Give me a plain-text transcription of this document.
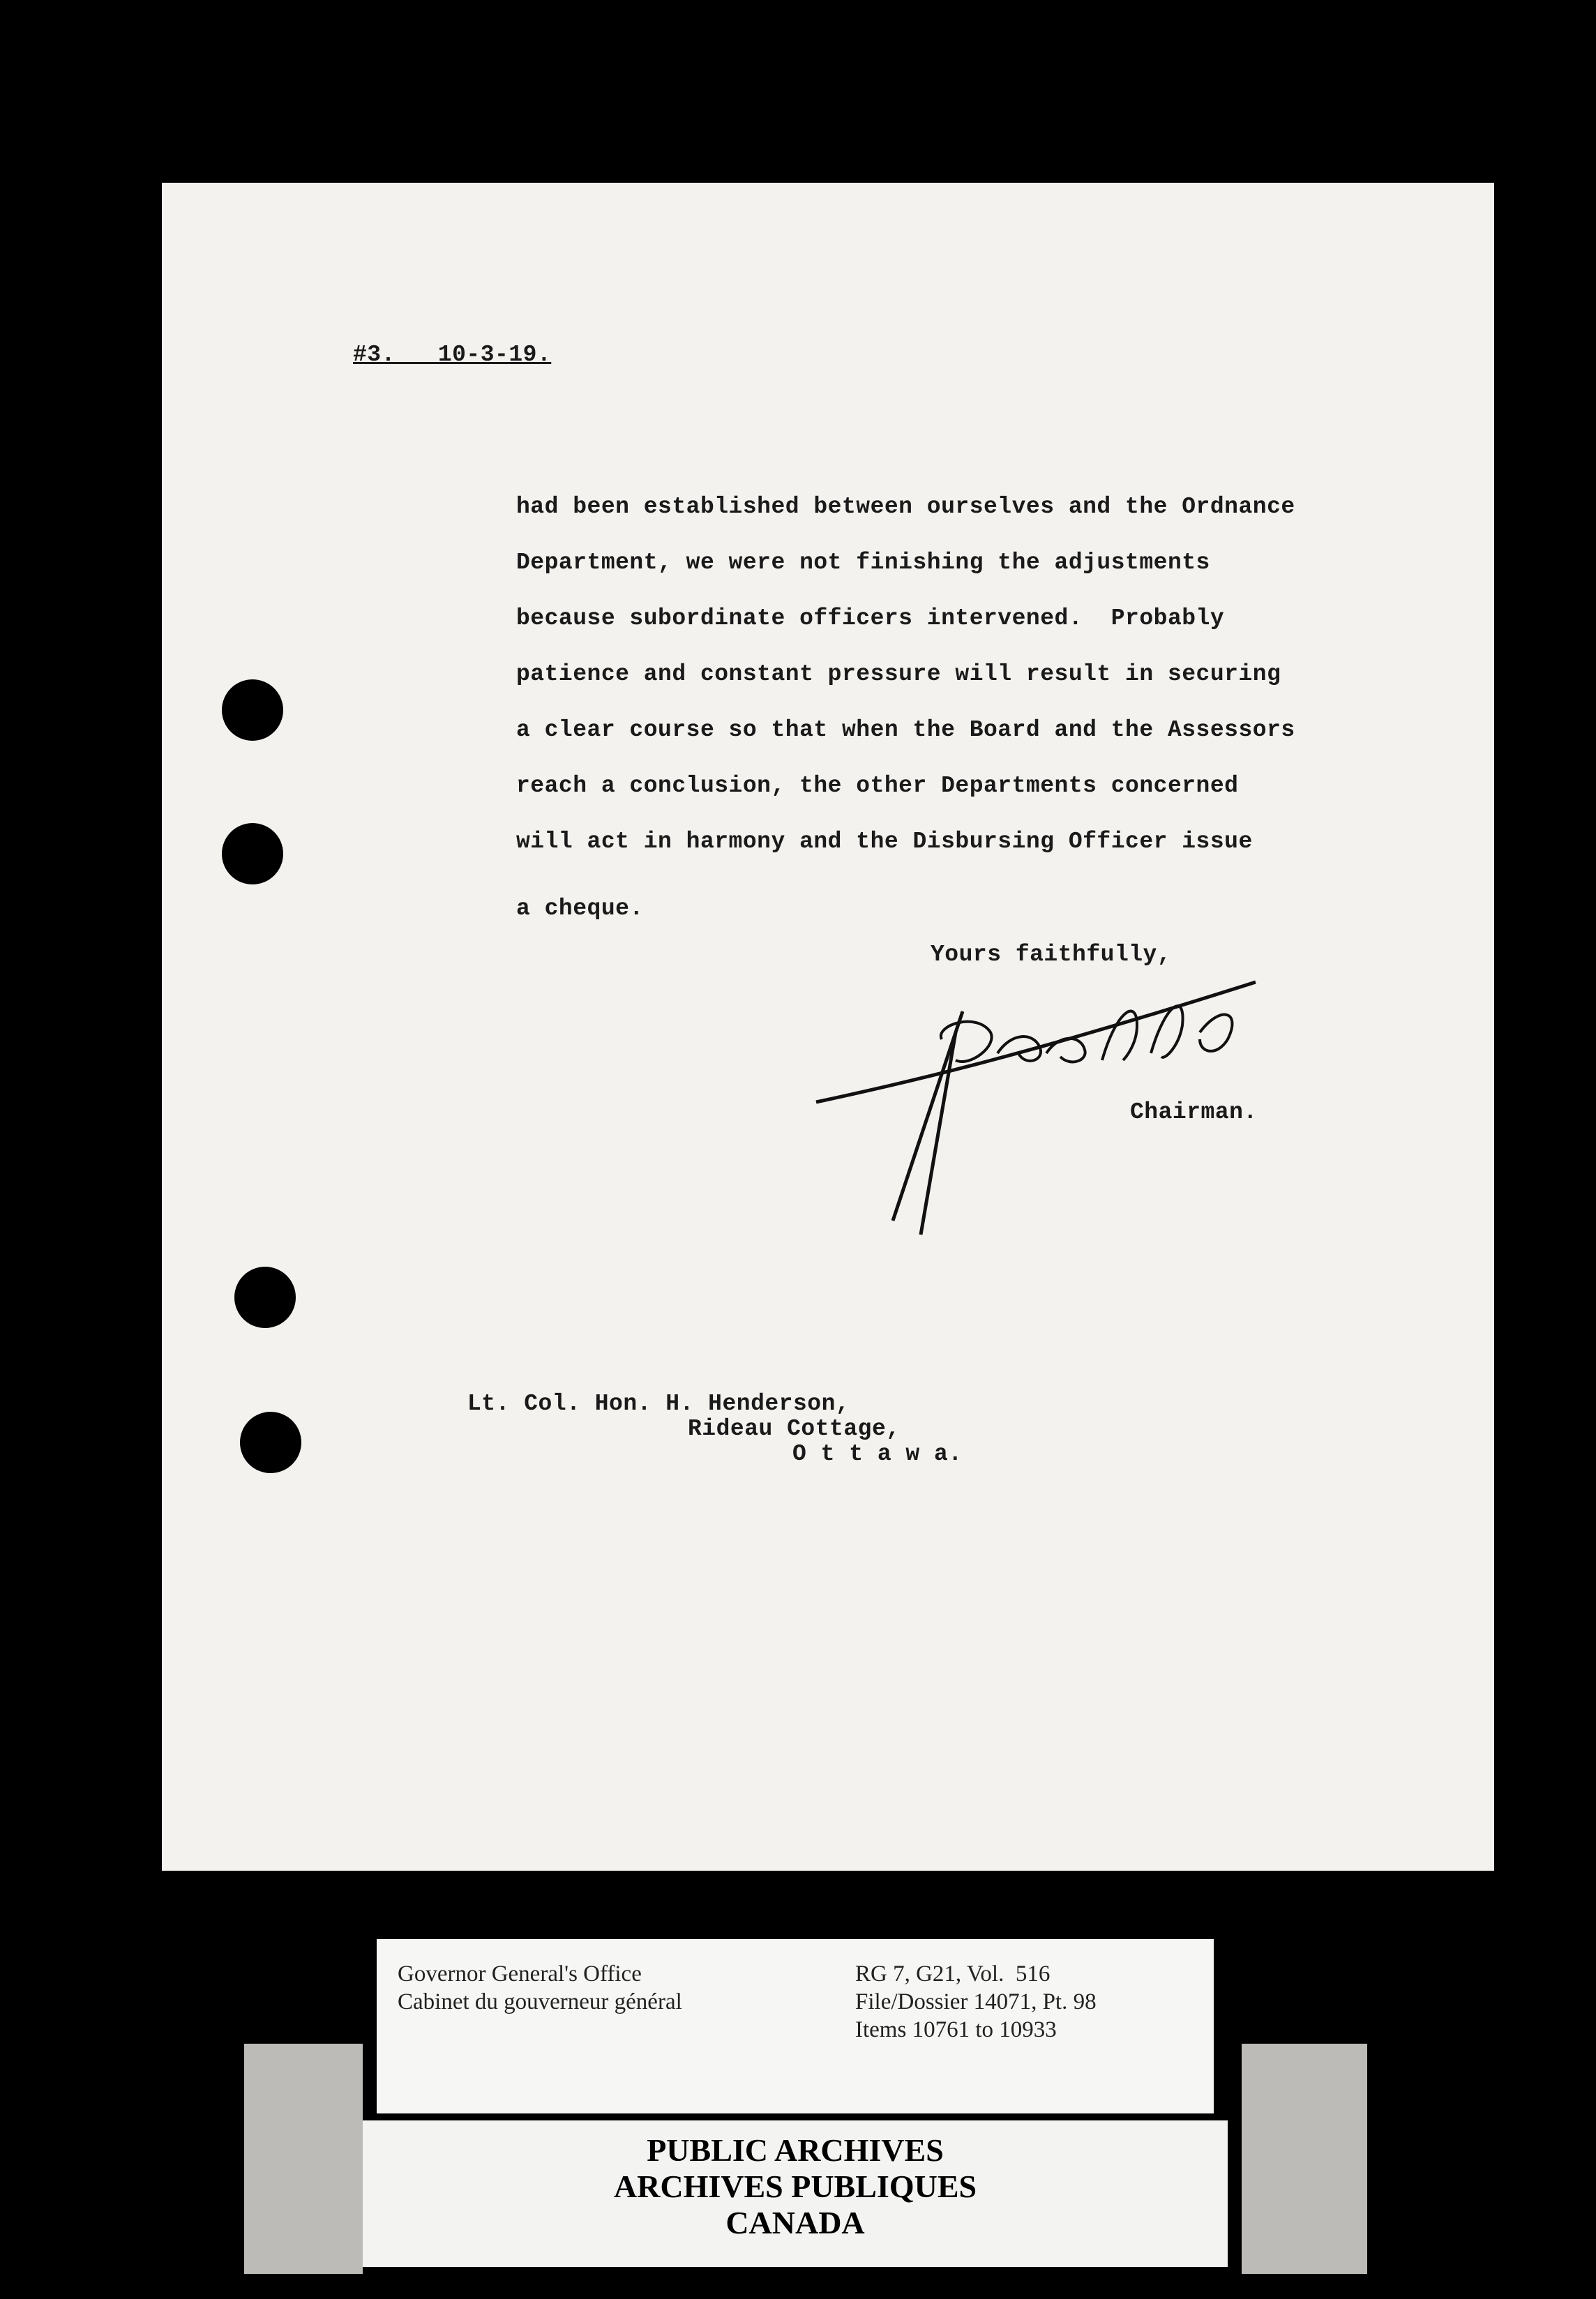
#3.   10-3-19.
had been established between ourselves and the Ordnance
Department, we were not finishing the adjustments
because subordinate officers intervened.  Probably
patience and constant pressure will result in securing
a clear course so that when the Board and the Assessors
reach a conclusion, the other Departments concerned
will act in harmony and the Disbursing Officer issue
a cheque.
Yours faithfully,
Chairman.
Lt. Col. Hon. H. Henderson,
Rideau Cottage,
O t t a w a.
Governor General's Office
Cabinet du gouverneur général
RG 7, G21, Vol.  516
File/Dossier 14071, Pt. 98
Items 10761 to 10933
PUBLIC ARCHIVES
ARCHIVES PUBLIQUES
CANADA
